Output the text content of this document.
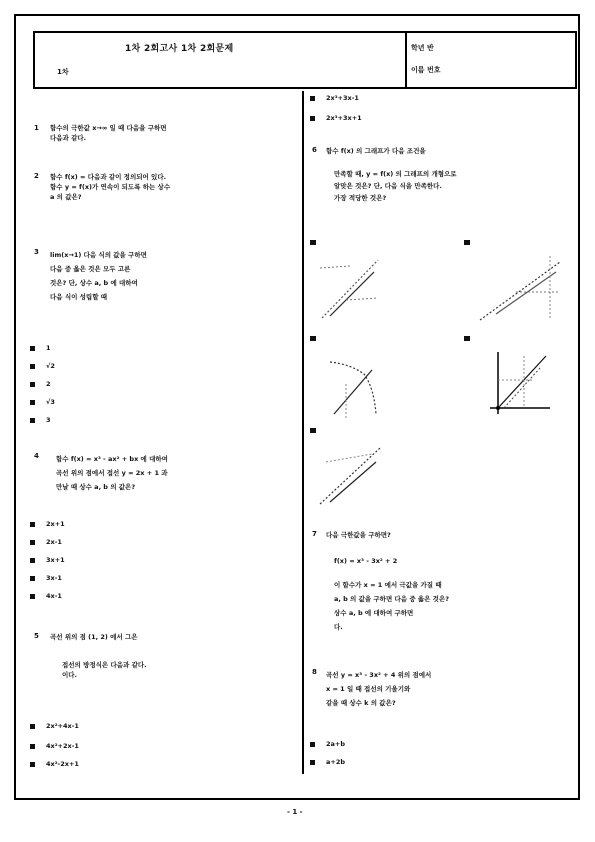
1차 2회고사 1차 2회문제
1차
학년 반
이름 번호
1 함수의 극한값 x→∞ 일 때 다음을 구하면
다음과 같다.
2 함수 f(x) = 다음과 같이 정의되어 있다.
함수 y = f(x)가 연속이 되도록 하는 상수
a 의 값은?
3 lim(x→1) 다음 식의 값을 구하면
다음 중 옳은 것은 모두 고른
것은? 단, 상수 a, b 에 대하여
다음 식이 성립할 때
1
√2
2
√3
3
4	함수 f(x) = x³ - ax² + bx 에 대하여
곡선 위의 점에서 접선 y = 2x + 1 과
만날 때 상수 a, b 의 값은?
2x+1
2x-1
3x+1
3x-1
4x-1
5 곡선 위의 점 (1, 2) 에서 그은
접선의 방정식은 다음과 같다.
이다.
2x²+4x-1
4x²+2x-1
4x²-2x+1
2x³+3x-1
2x³+3x+1
6 함수 f(x) 의 그래프가 다음 조건을
만족할 때, y = f(x) 의 그래프의 개형으로
알맞은 것은? 단, 다음 식을 만족한다.
가장 적당한 것은?
7 다음 극한값을 구하면?
f(x) = x³ - 3x² + 2
이 함수가 x = 1 에서 극값을 가질 때
a, b 의 값을 구하면 다음 중 옳은 것은?
상수 a, b 에 대하여 구하면
다.
8 곡선 y = x³ - 3x² + 4 위의 점에서
x = 1 일 때 접선의 기울기와
같을 때 상수 k 의 값은?
2a+b
a+2b
- 1 -
